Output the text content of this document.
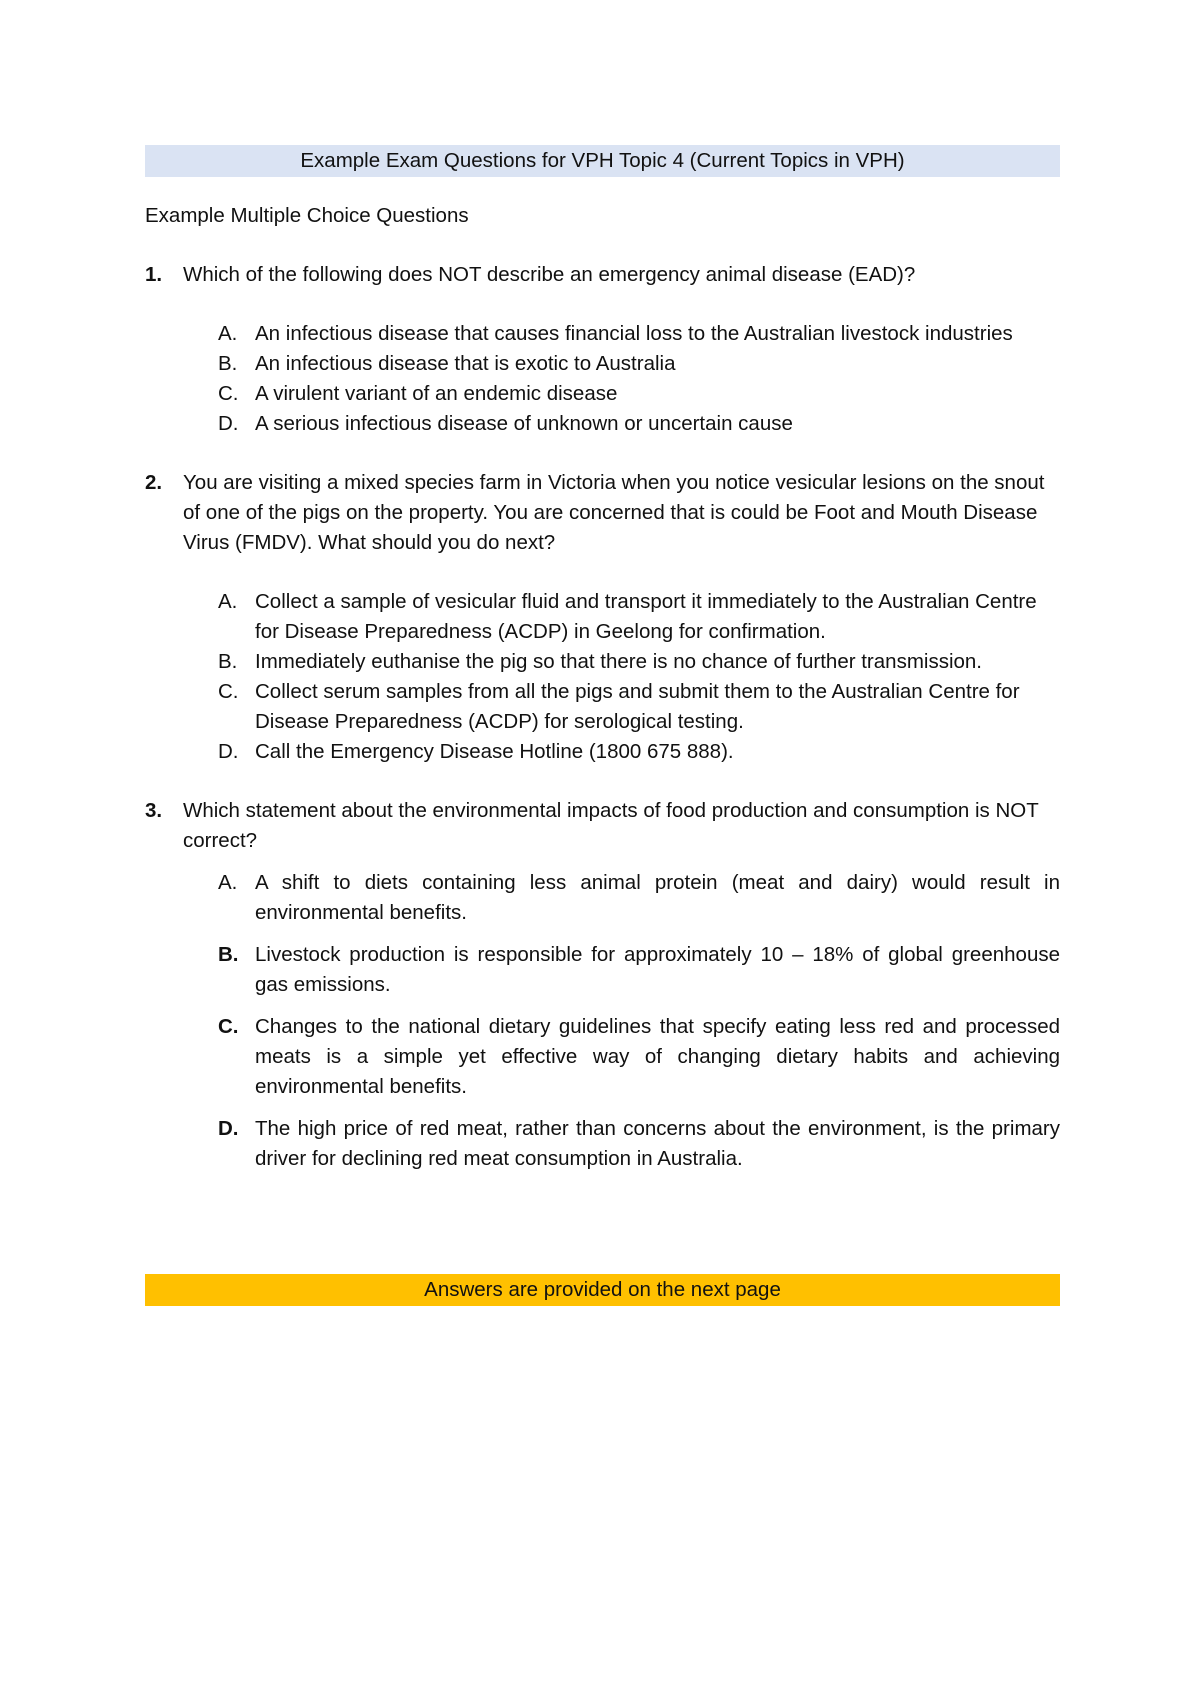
Example Exam Questions for VPH Topic 4 (Current Topics in VPH)
Example Multiple Choice Questions
1. Which of the following does NOT describe an emergency animal disease (EAD)?
A. An infectious disease that causes financial loss to the Australian livestock industries
B. An infectious disease that is exotic to Australia
C. A virulent variant of an endemic disease
D. A serious infectious disease of unknown or uncertain cause
2. You are visiting a mixed species farm in Victoria when you notice vesicular lesions on the snout of one of the pigs on the property. You are concerned that is could be Foot and Mouth Disease Virus (FMDV). What should you do next?
A. Collect a sample of vesicular fluid and transport it immediately to the Australian Centre for Disease Preparedness (ACDP) in Geelong for confirmation.
B. Immediately euthanise the pig so that there is no chance of further transmission.
C. Collect serum samples from all the pigs and submit them to the Australian Centre for Disease Preparedness (ACDP) for serological testing.
D. Call the Emergency Disease Hotline (1800 675 888).
3. Which statement about the environmental impacts of food production and consumption is NOT correct?
A. A shift to diets containing less animal protein (meat and dairy) would result in environmental benefits.
B. Livestock production is responsible for approximately 10 – 18% of global greenhouse gas emissions.
C. Changes to the national dietary guidelines that specify eating less red and processed meats is a simple yet effective way of changing dietary habits and achieving environmental benefits.
D. The high price of red meat, rather than concerns about the environment, is the primary driver for declining red meat consumption in Australia.
Answers are provided on the next page
